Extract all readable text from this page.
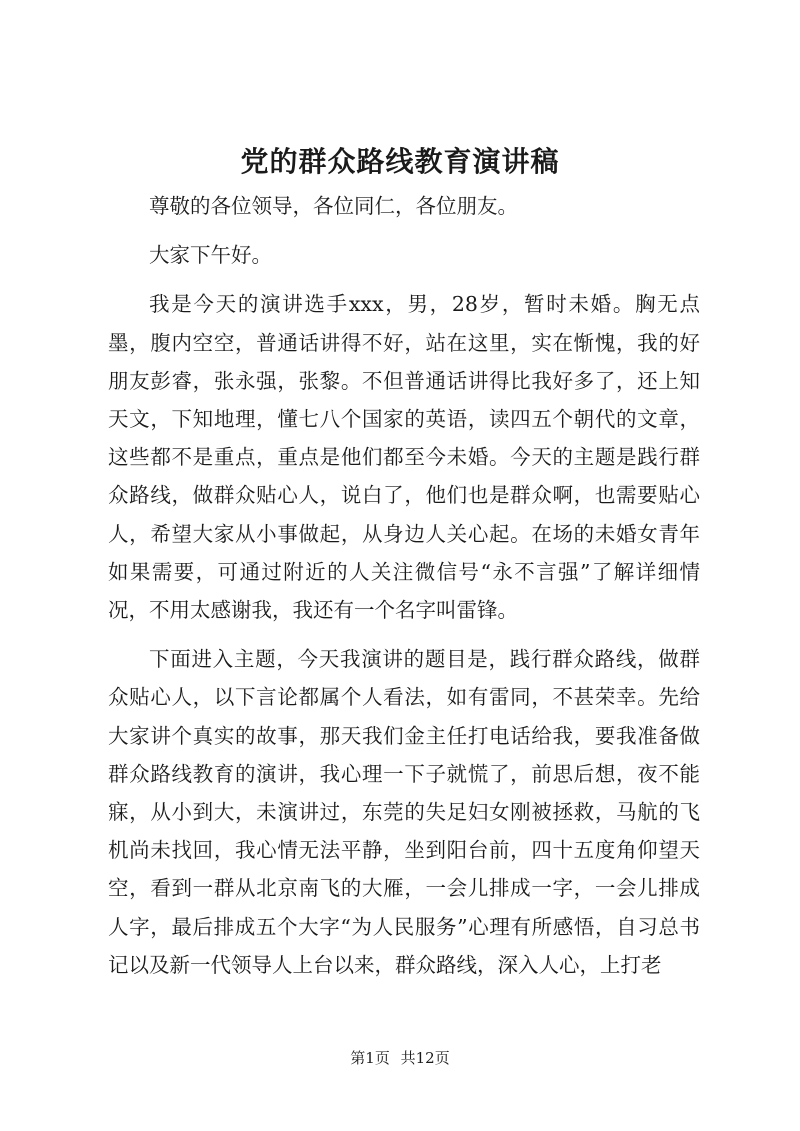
党的群众路线教育演讲稿

尊敬的各位领导，各位同仁，各位朋友。

大家下午好。

我是今天的演讲选手xxx，男，28岁，暂时未婚。胸无点墨，腹内空空，普通话讲得不好，站在这里，实在惭愧，我的好朋友彭睿，张永强，张黎。不但普通话讲得比我好多了，还上知天文，下知地理，懂七八个国家的英语，读四五个朝代的文章，这些都不是重点，重点是他们都至今未婚。今天的主题是践行群众路线，做群众贴心人，说白了，他们也是群众啊，也需要贴心人，希望大家从小事做起，从身边人关心起。在场的未婚女青年如果需要，可通过附近的人关注微信号“永不言强”了解详细情况，不用太感谢我，我还有一个名字叫雷锋。

下面进入主题，今天我演讲的题目是，践行群众路线，做群众贴心人，以下言论都属个人看法，如有雷同，不甚荣幸。先给大家讲个真实的故事，那天我们金主任打电话给我，要我准备做群众路线教育的演讲，我心理一下子就慌了，前思后想，夜不能寐，从小到大，未演讲过，东莞的失足妇女刚被拯救，马航的飞机尚未找回，我心情无法平静，坐到阳台前，四十五度角仰望天空，看到一群从北京南飞的大雁，一会儿排成一字，一会儿排成人字，最后排成五个大字“为人民服务”心理有所感悟，自习总书记以及新一代领导人上台以来，群众路线，深入人心，上打老

第1页 共12页
